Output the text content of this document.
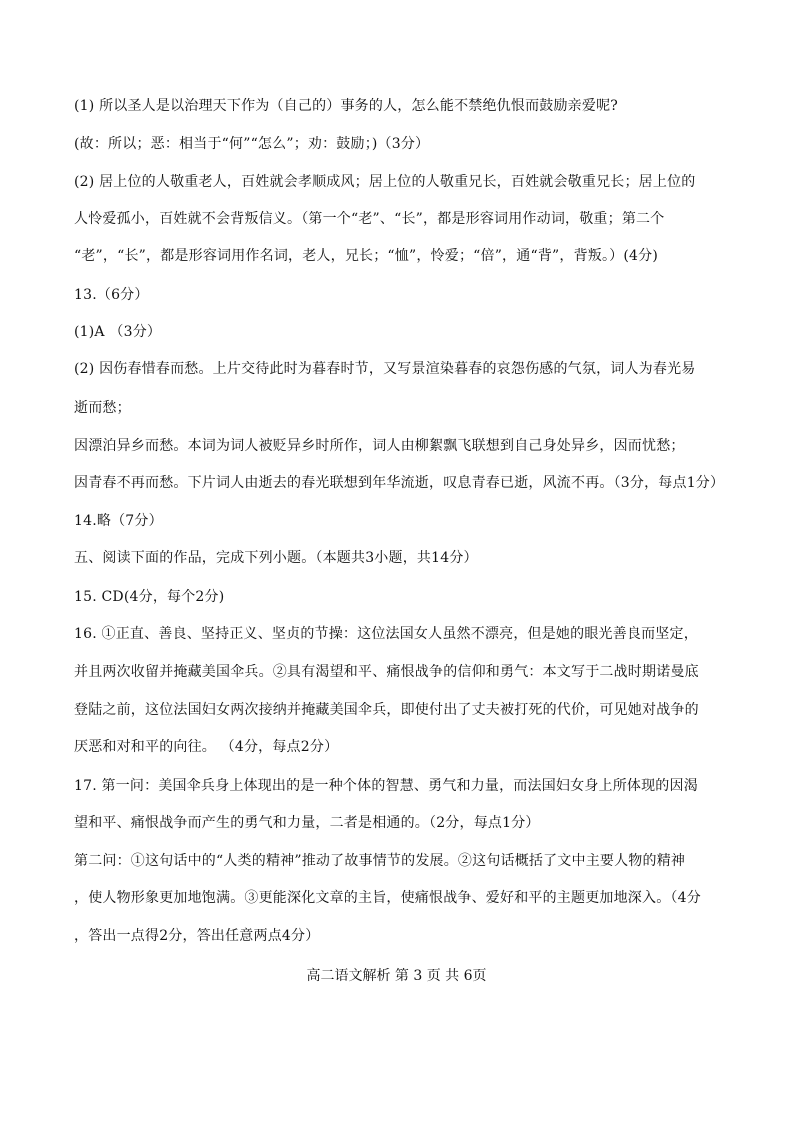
(1) 所以圣人是以治理天下作为（自己的）事务的人，怎么能不禁绝仇恨而鼓励亲爱呢?
(故：所以；恶：相当于“何”“怎么”；劝：鼓励；)（3分）
(2) 居上位的人敬重老人，百姓就会孝顺成风；居上位的人敬重兄长，百姓就会敬重兄长；居上位的
人怜爱孤小，百姓就不会背叛信义。（第一个“老”、“长”，都是形容词用作动词，敬重；第二个
“老”，“长”，都是形容词用作名词，老人，兄长；“恤”，怜爱；“倍”，通“背”，背叛。）(4分)
13.（6分）
(1)A （3分）
(2) 因伤春惜春而愁。上片交待此时为暮春时节，又写景渲染暮春的哀怨伤感的气氛，词人为春光易
逝而愁；
因漂泊异乡而愁。本词为词人被贬异乡时所作，词人由柳絮飘飞联想到自己身处异乡，因而忧愁；
因青春不再而愁。下片词人由逝去的春光联想到年华流逝，叹息青春已逝，风流不再。（3分，每点1分）
14.略（7分）
五、阅读下面的作品，完成下列小题。（本题共3小题，共14分）
15. CD(4分，每个2分)
16. ①正直、善良、坚持正义、坚贞的节操：这位法国女人虽然不漂亮，但是她的眼光善良而坚定，
并且两次收留并掩藏美国伞兵。②具有渴望和平、痛恨战争的信仰和勇气：本文写于二战时期诺曼底
登陆之前，这位法国妇女两次接纳并掩藏美国伞兵，即使付出了丈夫被打死的代价，可见她对战争的
厌恶和对和平的向往。 （4分，每点2分）
17. 第一问：美国伞兵身上体现出的是一种个体的智慧、勇气和力量，而法国妇女身上所体现的因渴
望和平、痛恨战争而产生的勇气和力量，二者是相通的。（2分，每点1分）
第二问：①这句话中的“人类的精神”推动了故事情节的发展。②这句话概括了文中主要人物的精神
，使人物形象更加地饱满。③更能深化文章的主旨，使痛恨战争、爱好和平的主题更加地深入。（4分
，答出一点得2分，答出任意两点4分）
高二语文解析 第 3 页 共 6页
